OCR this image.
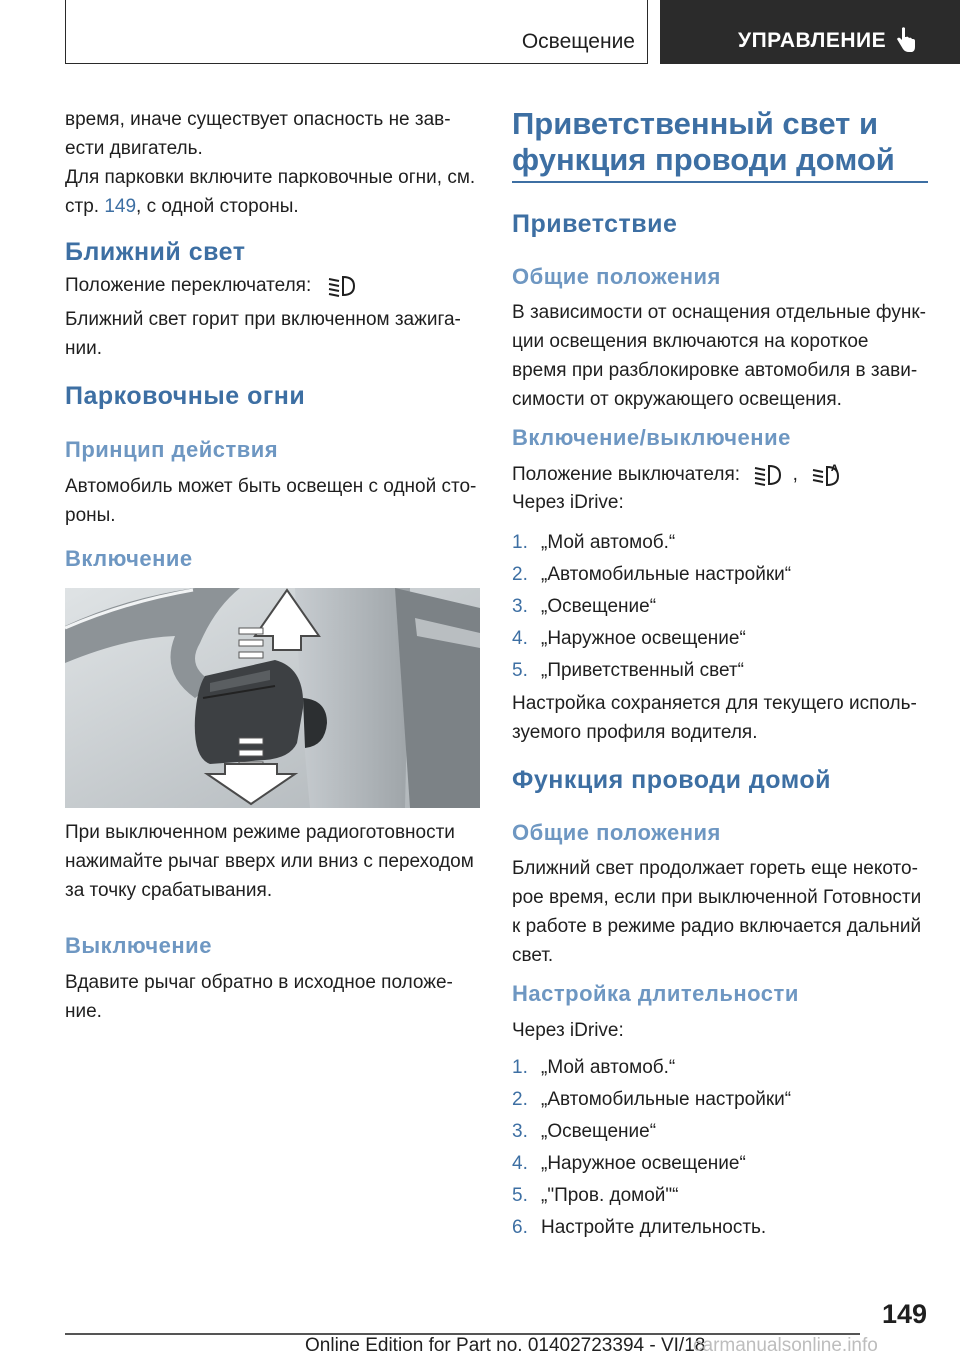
Освещение	УПРАВЛЕНИЕ

время, иначе существует опасность не зав-

ести двигатель.

Для парковки включите парковочные огни, см.

стр. 149, с одной стороны.

Ближний свет

Положение переключателя:

Ближний свет горит при включенном зажига-

нии.

Парковочные огни
Принцип действия

Автомобиль может быть освещен с одной сто-

роны.

Включение

При выключенном режиме радиоготовности

нажимайте рычаг вверх или вниз с переходом

за точку срабатывания.

Выключение

Вдавите рычаг обратно в исходное положе-

ние.

Приветственный свет и
функция проводи домой
Приветствие
Общие положения

В зависимости от оснащения отдельные функ-

ции освещения включаются на короткое

время при разблокировке автомобиля в зави-

симости от окружающего освещения.

Включение/выключение

Положение выключателя:	,	A

Через iDrive:

1. „Мой автомоб.“
2. „Автомобильные настройки“
3. „Освещение“
4. „Наружное освещение“
5. „Приветственный свет“

Настройка сохраняется для текущего исполь-

зуемого профиля водителя.

Функция проводи домой
Общие положения

Ближний свет продолжает гореть еще некото-

рое время, если при выключенной Готовности

к работе в режиме радио включается дальний

свет.

Настройка длительности

Через iDrive:

1. „Мой автомоб.“
2. „Автомобильные настройки“
3. „Освещение“
4. „Наружное освещение“
5. „"Пров. домой"“
6. Настройте длительность.
149
Online Edition for Part no. 01402723394 - VI/18
carmanualsonline.info
